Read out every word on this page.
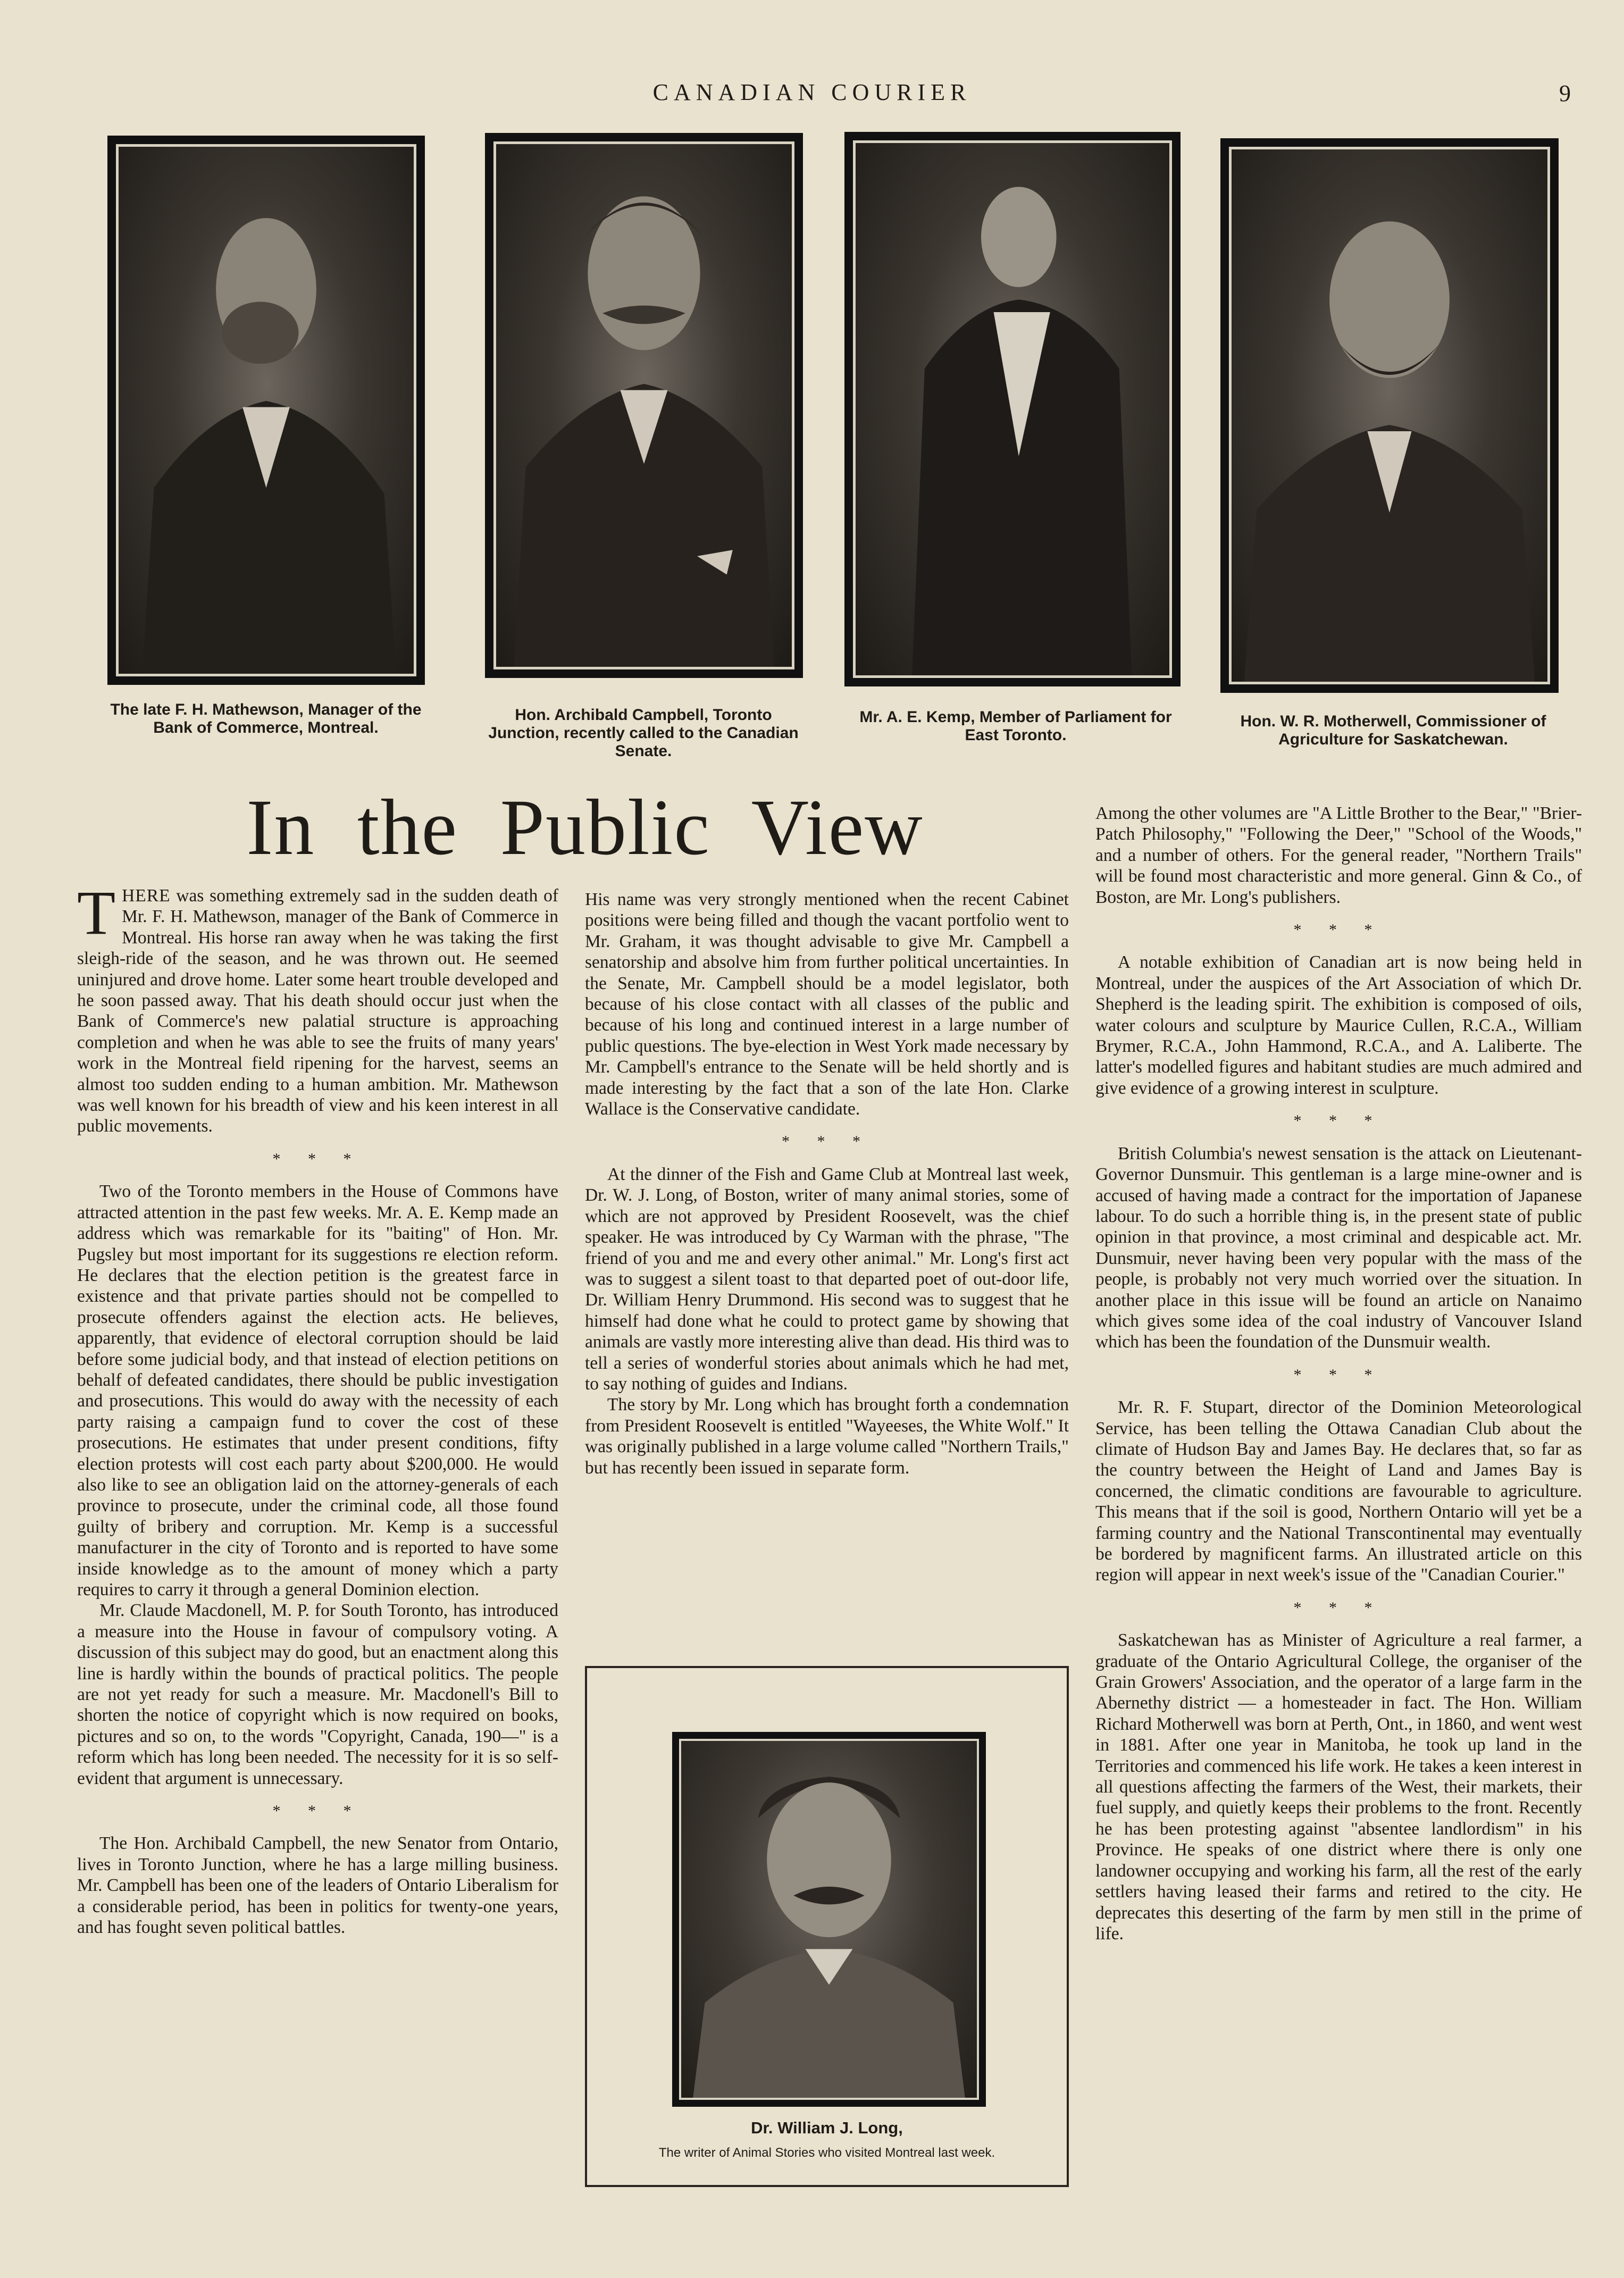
CANADIAN COURIER	9
The late F. H. Mathewson, Manager of the Bank of Commerce, Montreal.
Hon. Archibald Campbell, Toronto Junction, recently called to the Canadian Senate.
Mr. A. E. Kemp, Member of Parliament for East Toronto.
Hon. W. R. Motherwell, Commissioner of Agriculture for Saskatchewan.
In the Public View

THERE was something extremely sad in the sudden death of Mr. F. H. Mathewson, manager of the Bank of Commerce in Montreal. His horse ran away when he was taking the first sleigh-ride of the season, and he was thrown out. He seemed uninjured and drove home. Later some heart trouble developed and he soon passed away. That his death should occur just when the Bank of Commerce's new palatial structure is approaching completion and when he was able to see the fruits of many years' work in the Montreal field ripening for the harvest, seems an almost too sudden ending to a human ambition. Mr. Mathewson was well known for his breadth of view and his keen interest in all public movements.

* * *

Two of the Toronto members in the House of Commons have attracted attention in the past few weeks. Mr. A. E. Kemp made an address which was remarkable for its "baiting" of Hon. Mr. Pugsley but most important for its suggestions re election reform. He declares that the election petition is the greatest farce in existence and that private parties should not be compelled to prosecute offenders against the election acts. He believes, apparently, that evidence of electoral corruption should be laid before some judicial body, and that instead of election petitions on behalf of defeated candidates, there should be public investigation and prosecutions. This would do away with the necessity of each party raising a campaign fund to cover the cost of these prosecutions. He estimates that under present conditions, fifty election protests will cost each party about $200,000. He would also like to see an obligation laid on the attorney-generals of each province to prosecute, under the criminal code, all those found guilty of bribery and corruption. Mr. Kemp is a successful manufacturer in the city of Toronto and is reported to have some inside knowledge as to the amount of money which a party requires to carry it through a general Dominion election.

Mr. Claude Macdonell, M. P. for South Toronto, has introduced a measure into the House in favour of compulsory voting. A discussion of this subject may do good, but an enactment along this line is hardly within the bounds of practical politics. The people are not yet ready for such a measure. Mr. Macdonell's Bill to shorten the notice of copyright which is now required on books, pictures and so on, to the words "Copyright, Canada, 190—" is a reform which has long been needed. The necessity for it is so self-evident that argument is unnecessary.

* * *

The Hon. Archibald Campbell, the new Senator from Ontario, lives in Toronto Junction, where he has a large milling business. Mr. Campbell has been one of the leaders of Ontario Liberalism for a considerable period, has been in politics for twenty-one years, and has fought seven political battles.

His name was very strongly mentioned when the recent Cabinet positions were being filled and though the vacant portfolio went to Mr. Graham, it was thought advisable to give Mr. Campbell a senatorship and absolve him from further political uncertainties. In the Senate, Mr. Campbell should be a model legislator, both because of his close contact with all classes of the public and because of his long and continued interest in a large number of public questions. The bye-election in West York made necessary by Mr. Campbell's entrance to the Senate will be held shortly and is made interesting by the fact that a son of the late Hon. Clarke Wallace is the Conservative candidate.

* * *

At the dinner of the Fish and Game Club at Montreal last week, Dr. W. J. Long, of Boston, writer of many animal stories, some of which are not approved by President Roosevelt, was the chief speaker. He was introduced by Cy Warman with the phrase, "The friend of you and me and every other animal." Mr. Long's first act was to suggest a silent toast to that departed poet of out-door life, Dr. William Henry Drummond. His second was to suggest that he himself had done what he could to protect game by showing that animals are vastly more interesting alive than dead. His third was to tell a series of wonderful stories about animals which he had met, to say nothing of guides and Indians.

The story by Mr. Long which has brought forth a condemnation from President Roosevelt is entitled "Wayeeses, the White Wolf." It was originally published in a large volume called "Northern Trails," but has recently been issued in separate form.

Dr. William J. Long,
The writer of Animal Stories who visited Montreal last week.

Among the other volumes are "A Little Brother to the Bear," "Brier-Patch Philosophy," "Following the Deer," "School of the Woods," and a number of others. For the general reader, "Northern Trails" will be found most characteristic and more general. Ginn & Co., of Boston, are Mr. Long's publishers.

* * *

A notable exhibition of Canadian art is now being held in Montreal, under the auspices of the Art Association of which Dr. Shepherd is the leading spirit. The exhibition is composed of oils, water colours and sculpture by Maurice Cullen, R.C.A., William Brymer, R.C.A., John Hammond, R.C.A., and A. Laliberte. The latter's modelled figures and habitant studies are much admired and give evidence of a growing interest in sculpture.

* * *

British Columbia's newest sensation is the attack on Lieutenant-Governor Dunsmuir. This gentleman is a large mine-owner and is accused of having made a contract for the importation of Japanese labour. To do such a horrible thing is, in the present state of public opinion in that province, a most criminal and despicable act. Mr. Dunsmuir, never having been very popular with the mass of the people, is probably not very much worried over the situation. In another place in this issue will be found an article on Nanaimo which gives some idea of the coal industry of Vancouver Island which has been the foundation of the Dunsmuir wealth.

* * *

Mr. R. F. Stupart, director of the Dominion Meteorological Service, has been telling the Ottawa Canadian Club about the climate of Hudson Bay and James Bay. He declares that, so far as the country between the Height of Land and James Bay is concerned, the climatic conditions are favourable to agriculture. This means that if the soil is good, Northern Ontario will yet be a farming country and the National Transcontinental may eventually be bordered by magnificent farms. An illustrated article on this region will appear in next week's issue of the "Canadian Courier."

* * *

Saskatchewan has as Minister of Agriculture a real farmer, a graduate of the Ontario Agricultural College, the organiser of the Grain Growers' Association, and the operator of a large farm in the Abernethy district — a homesteader in fact. The Hon. William Richard Motherwell was born at Perth, Ont., in 1860, and went west in 1881. After one year in Manitoba, he took up land in the Territories and commenced his life work. He takes a keen interest in all questions affecting the farmers of the West, their markets, their fuel supply, and quietly keeps their problems to the front. Recently he has been protesting against "absentee landlordism" in his Province. He speaks of one district where there is only one landowner occupying and working his farm, all the rest of the early settlers having leased their farms and retired to the city. He deprecates this deserting of the farm by men still in the prime of life.
